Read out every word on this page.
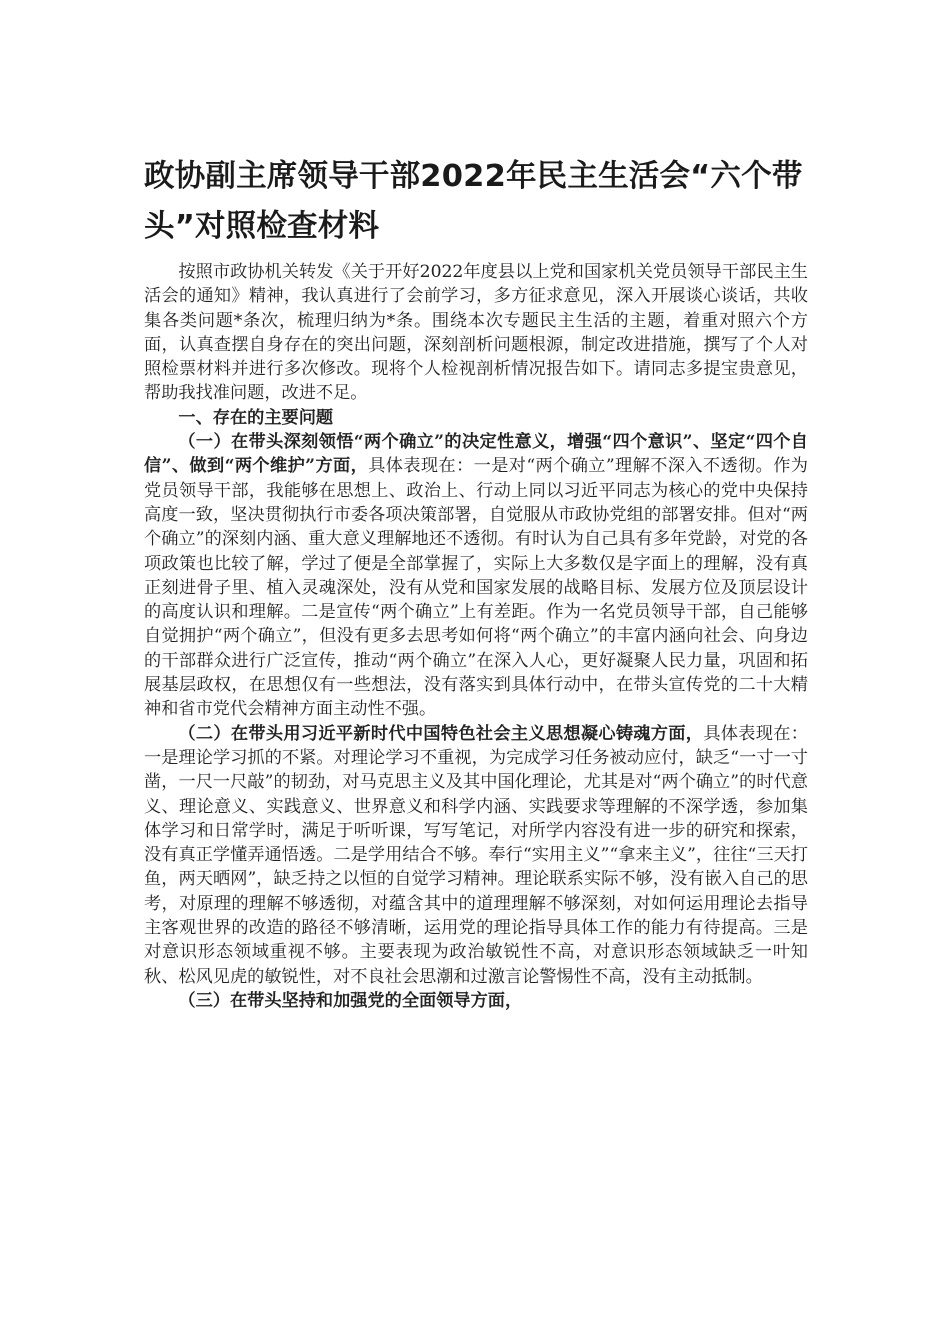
政协副主席领导干部2022年民主生活会“六个带头”对照检查材料

按照市政协机关转发《关于开好2022年度县以上党和国家机关党员领导干部民主生活会的通知》精神，我认真进行了会前学习，多方征求意见，深入开展谈心谈话，共收集各类问题*条次，梳理归纳为*条。围绕本次专题民主生活的主题，着重对照六个方面，认真查摆自身存在的突出问题，深刻剖析问题根源，制定改进措施，撰写了个人对照检票材料并进行多次修改。现将个人检视剖析情况报告如下。请同志多提宝贵意见，帮助我找准问题，改进不足。

一、存在的主要问题

（一）在带头深刻领悟“两个确立”的决定性意义，增强“四个意识”、坚定“四个自信”、做到“两个维护”方面，具体表现在：一是对“两个确立”理解不深入不透彻。作为党员领导干部，我能够在思想上、政治上、行动上同以习近平同志为核心的党中央保持高度一致，坚决贯彻执行市委各项决策部署，自觉服从市政协党组的部署安排。但对“两个确立”的深刻内涵、重大意义理解地还不透彻。有时认为自己具有多年党龄，对党的各项政策也比较了解，学过了便是全部掌握了，实际上大多数仅是字面上的理解，没有真正刻进骨子里、植入灵魂深处，没有从党和国家发展的战略目标、发展方位及顶层设计的高度认识和理解。二是宣传“两个确立”上有差距。作为一名党员领导干部，自己能够自觉拥护“两个确立”，但没有更多去思考如何将“两个确立”的丰富内涵向社会、向身边的干部群众进行广泛宣传，推动“两个确立”在深入人心，更好凝聚人民力量，巩固和拓展基层政权，在思想仅有一些想法，没有落实到具体行动中，在带头宣传党的二十大精神和省市党代会精神方面主动性不强。

（二）在带头用习近平新时代中国特色社会主义思想凝心铸魂方面，具体表现在：一是理论学习抓的不紧。对理论学习不重视，为完成学习任务被动应付，缺乏“一寸一寸凿，一尺一尺敲”的韧劲，对马克思主义及其中国化理论，尤其是对“两个确立”的时代意义、理论意义、实践意义、世界意义和科学内涵、实践要求等理解的不深学透，参加集体学习和日常学时，满足于听听课，写写笔记，对所学内容没有进一步的研究和探索，没有真正学懂弄通悟透。二是学用结合不够。奉行“实用主义”“拿来主义”，往往“三天打鱼，两天晒网”，缺乏持之以恒的自觉学习精神。理论联系实际不够，没有嵌入自己的思考，对原理的理解不够透彻，对蕴含其中的道理理解不够深刻，对如何运用理论去指导主客观世界的改造的路径不够清晰，运用党的理论指导具体工作的能力有待提高。三是对意识形态领域重视不够。主要表现为政治敏锐性不高，对意识形态领域缺乏一叶知秋、松风见虎的敏锐性，对不良社会思潮和过激言论警惕性不高，没有主动抵制。

（三）在带头坚持和加强党的全面领导方面，
